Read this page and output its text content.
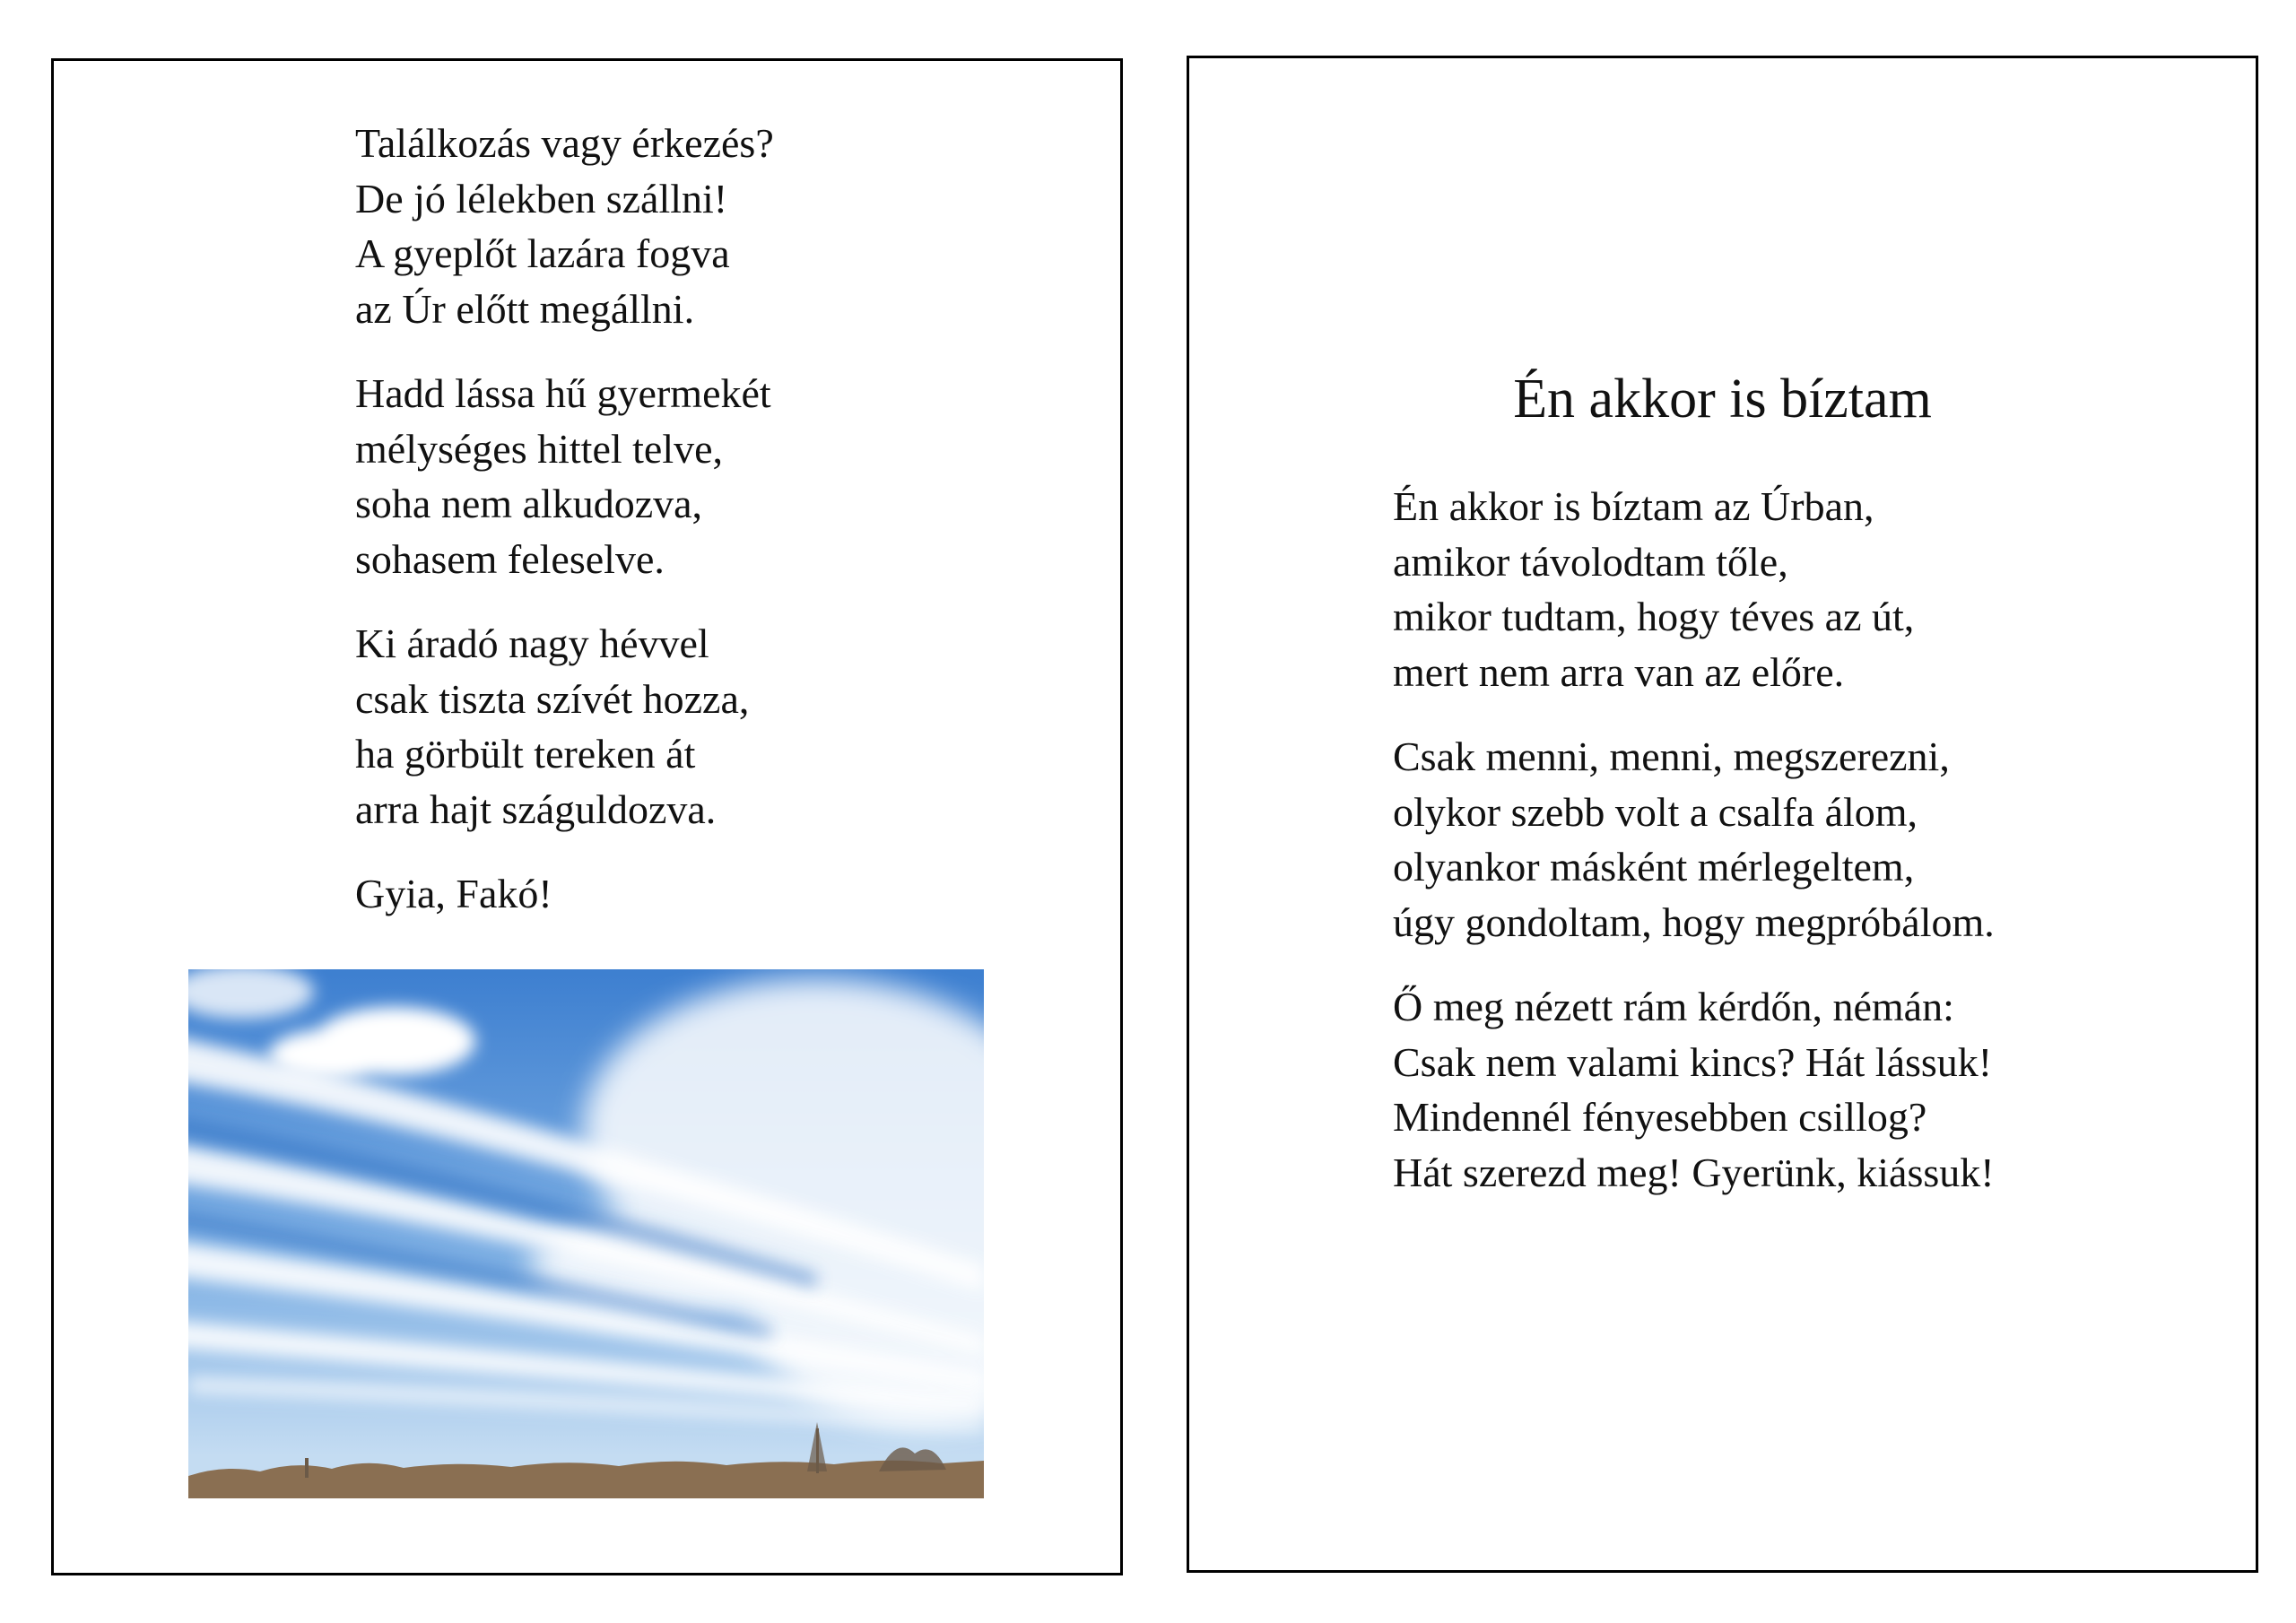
Találkozás vagy érkezés?
De jó lélekben szállni!
A gyeplőt lazára fogva
az Úr előtt megállni.
Hadd lássa hű gyermekét
mélységes hittel telve,
soha nem alkudozva,
sohasem feleselve.
Ki áradó nagy hévvel
csak tiszta szívét hozza,
ha görbült tereken át
arra hajt száguldozva.
Gyia, Fakó!
Én akkor is bíztam
Én akkor is bíztam az Úrban,
amikor távolodtam tőle,
mikor tudtam, hogy téves az út,
mert nem arra van az előre.
Csak menni, menni, megszerezni,
olykor szebb volt a csalfa álom,
olyankor másként mérlegeltem,
úgy gondoltam, hogy megpróbálom.
Ő meg nézett rám kérdőn, némán:
Csak nem valami kincs? Hát lássuk!
Mindennél fényesebben csillog?
Hát szerezd meg! Gyerünk, kiássuk!
